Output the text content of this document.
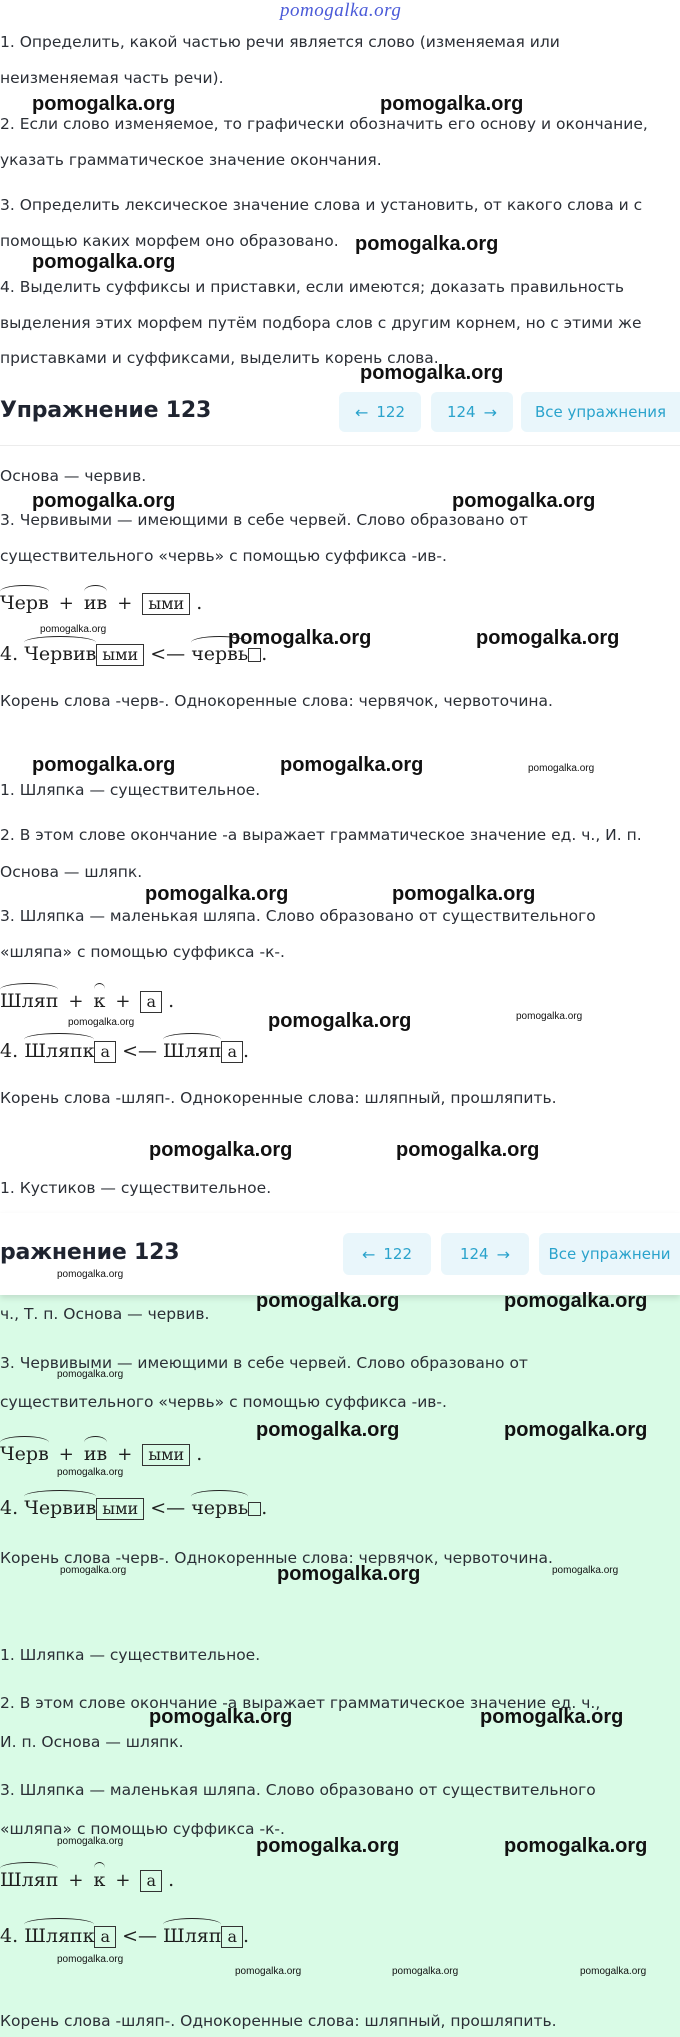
pomogalka.org
1. Определить, какой частью речи является слово (изменяемая или
неизменяемая часть речи).
2. Если слово изменяемое, то графически обозначить его основу и окончание,
указать грамматическое значение окончания.
3. Определить лексическое значение слова и установить, от какого слова и с
помощью каких морфем оно образовано.
4. Выделить суффиксы и приставки, если имеются; доказать правильность
выделения этих морфем путём подбора слов с другим корнем, но с этими же
приставками и суффиксами, выделить корень слова.
Упражнение 123	← 122	124 →	Все упражнения
Основа — червив.
3. Червивыми — имеющими в себе червей. Слово образовано от
существительного «червь» с помощью суффикса -ив-.
Черв + ив + ыми .
4. Червив ыми <— червь .
Корень слова -черв-. Однокоренные слова: червячок, червоточина.
1. Шляпка — существительное.
2. В этом слове окончание -а выражает грамматическое значение ед. ч., И. п.
Основа — шляпк.
3. Шляпка — маленькая шляпа. Слово образовано от существительного
«шляпа» с помощью суффикса -к-.
Шляп + к + а .
4. Шляпк а <— Шляп а .
Корень слова -шляп-. Однокоренные слова: шляпный, прошляпить.
1. Кустиков — существительное.
ражнение 123	← 122	124 →	Все упражнени
ч., Т. п. Основа — червив.
3. Червивыми — имеющими в себе червей. Слово образовано от
существительного «червь» с помощью суффикса -ив-.
Черв + ив + ыми .
4. Червив ыми <— червь .
Корень слова -черв-. Однокоренные слова: червячок, червоточина.
1. Шляпка — существительное.
2. В этом слове окончание -а выражает грамматическое значение ед. ч.,
И. п. Основа — шляпк.
3. Шляпка — маленькая шляпа. Слово образовано от существительного
«шляпа» с помощью суффикса -к-.
Шляп + к + а .
4. Шляпк а <— Шляп а .
Корень слова -шляп-. Однокоренные слова: шляпный, прошляпить.
pomogalka.org	pomogalka.org
pomogalka.org
pomogalka.org
pomogalka.org
pomogalka.org	pomogalka.org
pomogalka.org	pomogalka.org	pomogalka.org
pomogalka.org	pomogalka.org	pomogalka.org
pomogalka.org	pomogalka.org
pomogalka.org	pomogalka.org	pomogalka.org
pomogalka.org	pomogalka.org
pomogalka.org
pomogalka.org	pomogalka.org
pomogalka.org
pomogalka.org	pomogalka.org
pomogalka.org
pomogalka.org	pomogalka.org	pomogalka.org
pomogalka.org	pomogalka.org
pomogalka.org	pomogalka.org	pomogalka.org
pomogalka.org
pomogalka.org	pomogalka.org	pomogalka.org
